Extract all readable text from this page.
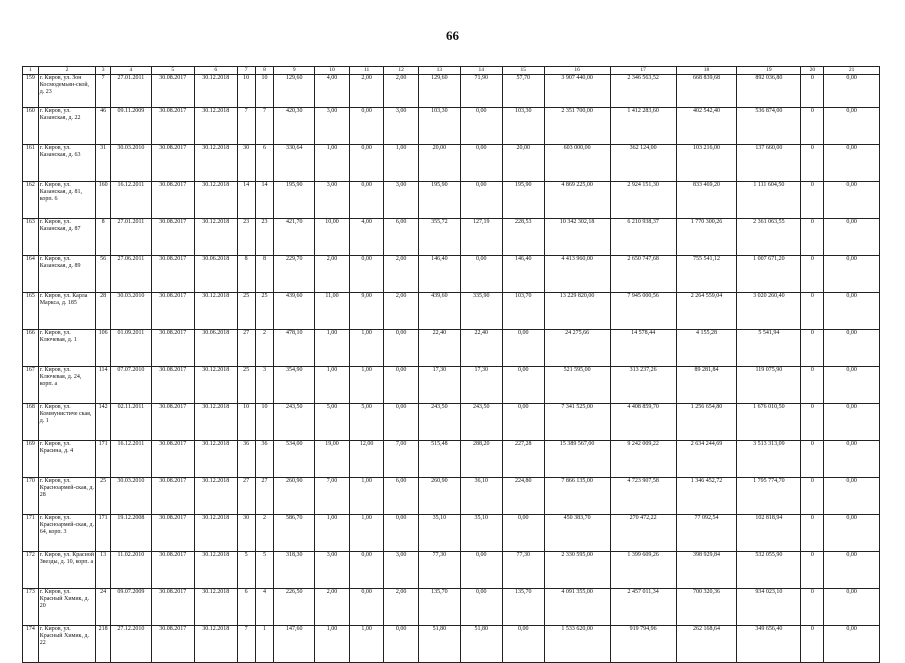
66
1	2	3	4	5	6	7	8	9	10	11	12	13	14	15	16	17	18	19	20	21
159	г. Киров, ул. Зон Космодемьян-ской, д. 23	7	27.01.2011	30.08.2017	30.12.2018	10	10	129,60	4,00	2,00	2,00	129,60	71,90	57,70	3 907 440,00	2 346 563,52	668 839,68	892 036,80	0	0,00
160	г. Киров, ул. Казанская, д. 22	46	09.11.2009	30.08.2017	30.12.2018	7	7	420,30	3,00	0,00	3,00	103,30	0,00	103,30	2 351 700,00	1 412 283,60	402 542,40	536 874,00	0	0,00
161	г. Киров, ул. Казанская, д. 63	31	30.03.2010	30.08.2017	30.12.2018	30	6	330,64	1,00	0,00	1,00	20,00	0,00	20,00	603 000,00	362 124,00	103 216,00	137 660,00	0	0,00
162	г. Киров, ул. Казанская, д. 81, корп. 6	160	16.12.2011	30.08.2017	30.12.2018	14	14	195,90	3,00	0,00	3,00	195,90	0,00	195,90	4 869 225,00	2 924 151,30	833 469,20	1 111 604,50	0	0,00
163	г. Киров, ул. Казанская, д. 87	8	27.01.2011	30.08.2017	30.12.2018	23	23	421,70	10,00	4,00	6,00	355,72	127,19	228,53	10 342 302,18	6 210 938,37	1 770 300,26	2 361 063,55	0	0,00
164	г. Киров, ул. Казанская, д. 89	56	27.06.2011	30.08.2017	30.06.2018	8	8	229,70	2,00	0,00	2,00	146,40	0,00	146,40	4 413 960,00	2 650 747,68	755 541,12	1 007 671,20	0	0,00
165	г. Киров, ул. Карла Маркса, д. 185	28	30.03.2010	30.08.2017	30.12.2018	25	25	439,60	11,00	9,00	2,00	439,60	335,90	103,70	13 229 820,00	7 945 000,56	2 264 559,04	3 020 260,40	0	0,00
166	г. Киров, ул. Ключевая, д. 1	106	01.09.2011	30.08.2017	30.06.2018	27	2	478,10	1,00	1,00	0,00	22,40	22,40	0,00	24 275,66	14 578,44	4 155,28	5 541,94	0	0,00
167	г. Киров, ул. Ключевая, д. 24, корп. а	114	07.07.2010	30.08.2017	30.12.2018	25	3	354,90	1,00	1,00	0,00	17,30	17,30	0,00	521 595,00	313 237,26	89 281,84	119 075,90	0	0,00
168	г. Киров, ул. Коммунистиче ская, д. 1	142	02.11.2011	30.08.2017	30.12.2018	10	10	243,50	5,00	5,00	0,00	243,50	243,50	0,00	7 341 525,00	4 408 859,70	1 256 654,80	1 676 010,50	0	0,00
169	г. Киров, ул. Красина, д. 4	171	16.12.2011	30.08.2017	30.12.2018	36	36	534,00	19,00	12,00	7,00	515,48	288,20	227,28	15 389 567,00	9 242 009,22	2 634 244,69	3 513 313,09	0	0,00
170	г. Киров, ул. Красноармей-ская, д. 28	25	30.03.2010	30.08.2017	30.12.2018	27	27	260,90	7,00	1,00	6,00	260,90	36,10	224,80	7 866 135,00	4 723 907,58	1 346 452,72	1 795 774,70	0	0,00
171	г. Киров, ул. Красноармей-ская, д. 64, корп. 3	171	19.12.2008	30.08.2017	30.12.2018	30	2	586,70	1,00	1,00	0,00	35,10	35,10	0,00	450 383,70	270 472,22	77 092,54	102 818,94	0	0,00
172	г. Киров, ул. Красной Звезды, д. 10, корп. а	13	11.02.2010	30.08.2017	30.12.2018	5	5	318,30	3,00	0,00	3,00	77,30	0,00	77,30	2 330 595,00	1 399 609,26	398 929,84	532 055,90	0	0,00
173	г. Киров, ул. Красный Химик, д. 20	24	09.07.2009	30.08.2017	30.12.2018	6	4	226,50	2,00	0,00	2,00	135,70	0,00	135,70	4 091 355,00	2 457 011,34	700 320,36	934 023,10	0	0,00
174	г. Киров, ул. Красный Химик, д. 22	218	27.12.2010	30.08.2017	30.12.2018	7	1	147,60	1,00	1,00	0,00	51,80	51,80	0,00	1 533 620,00	919 794,96	262 168,64	349 656,40	0	0,00
